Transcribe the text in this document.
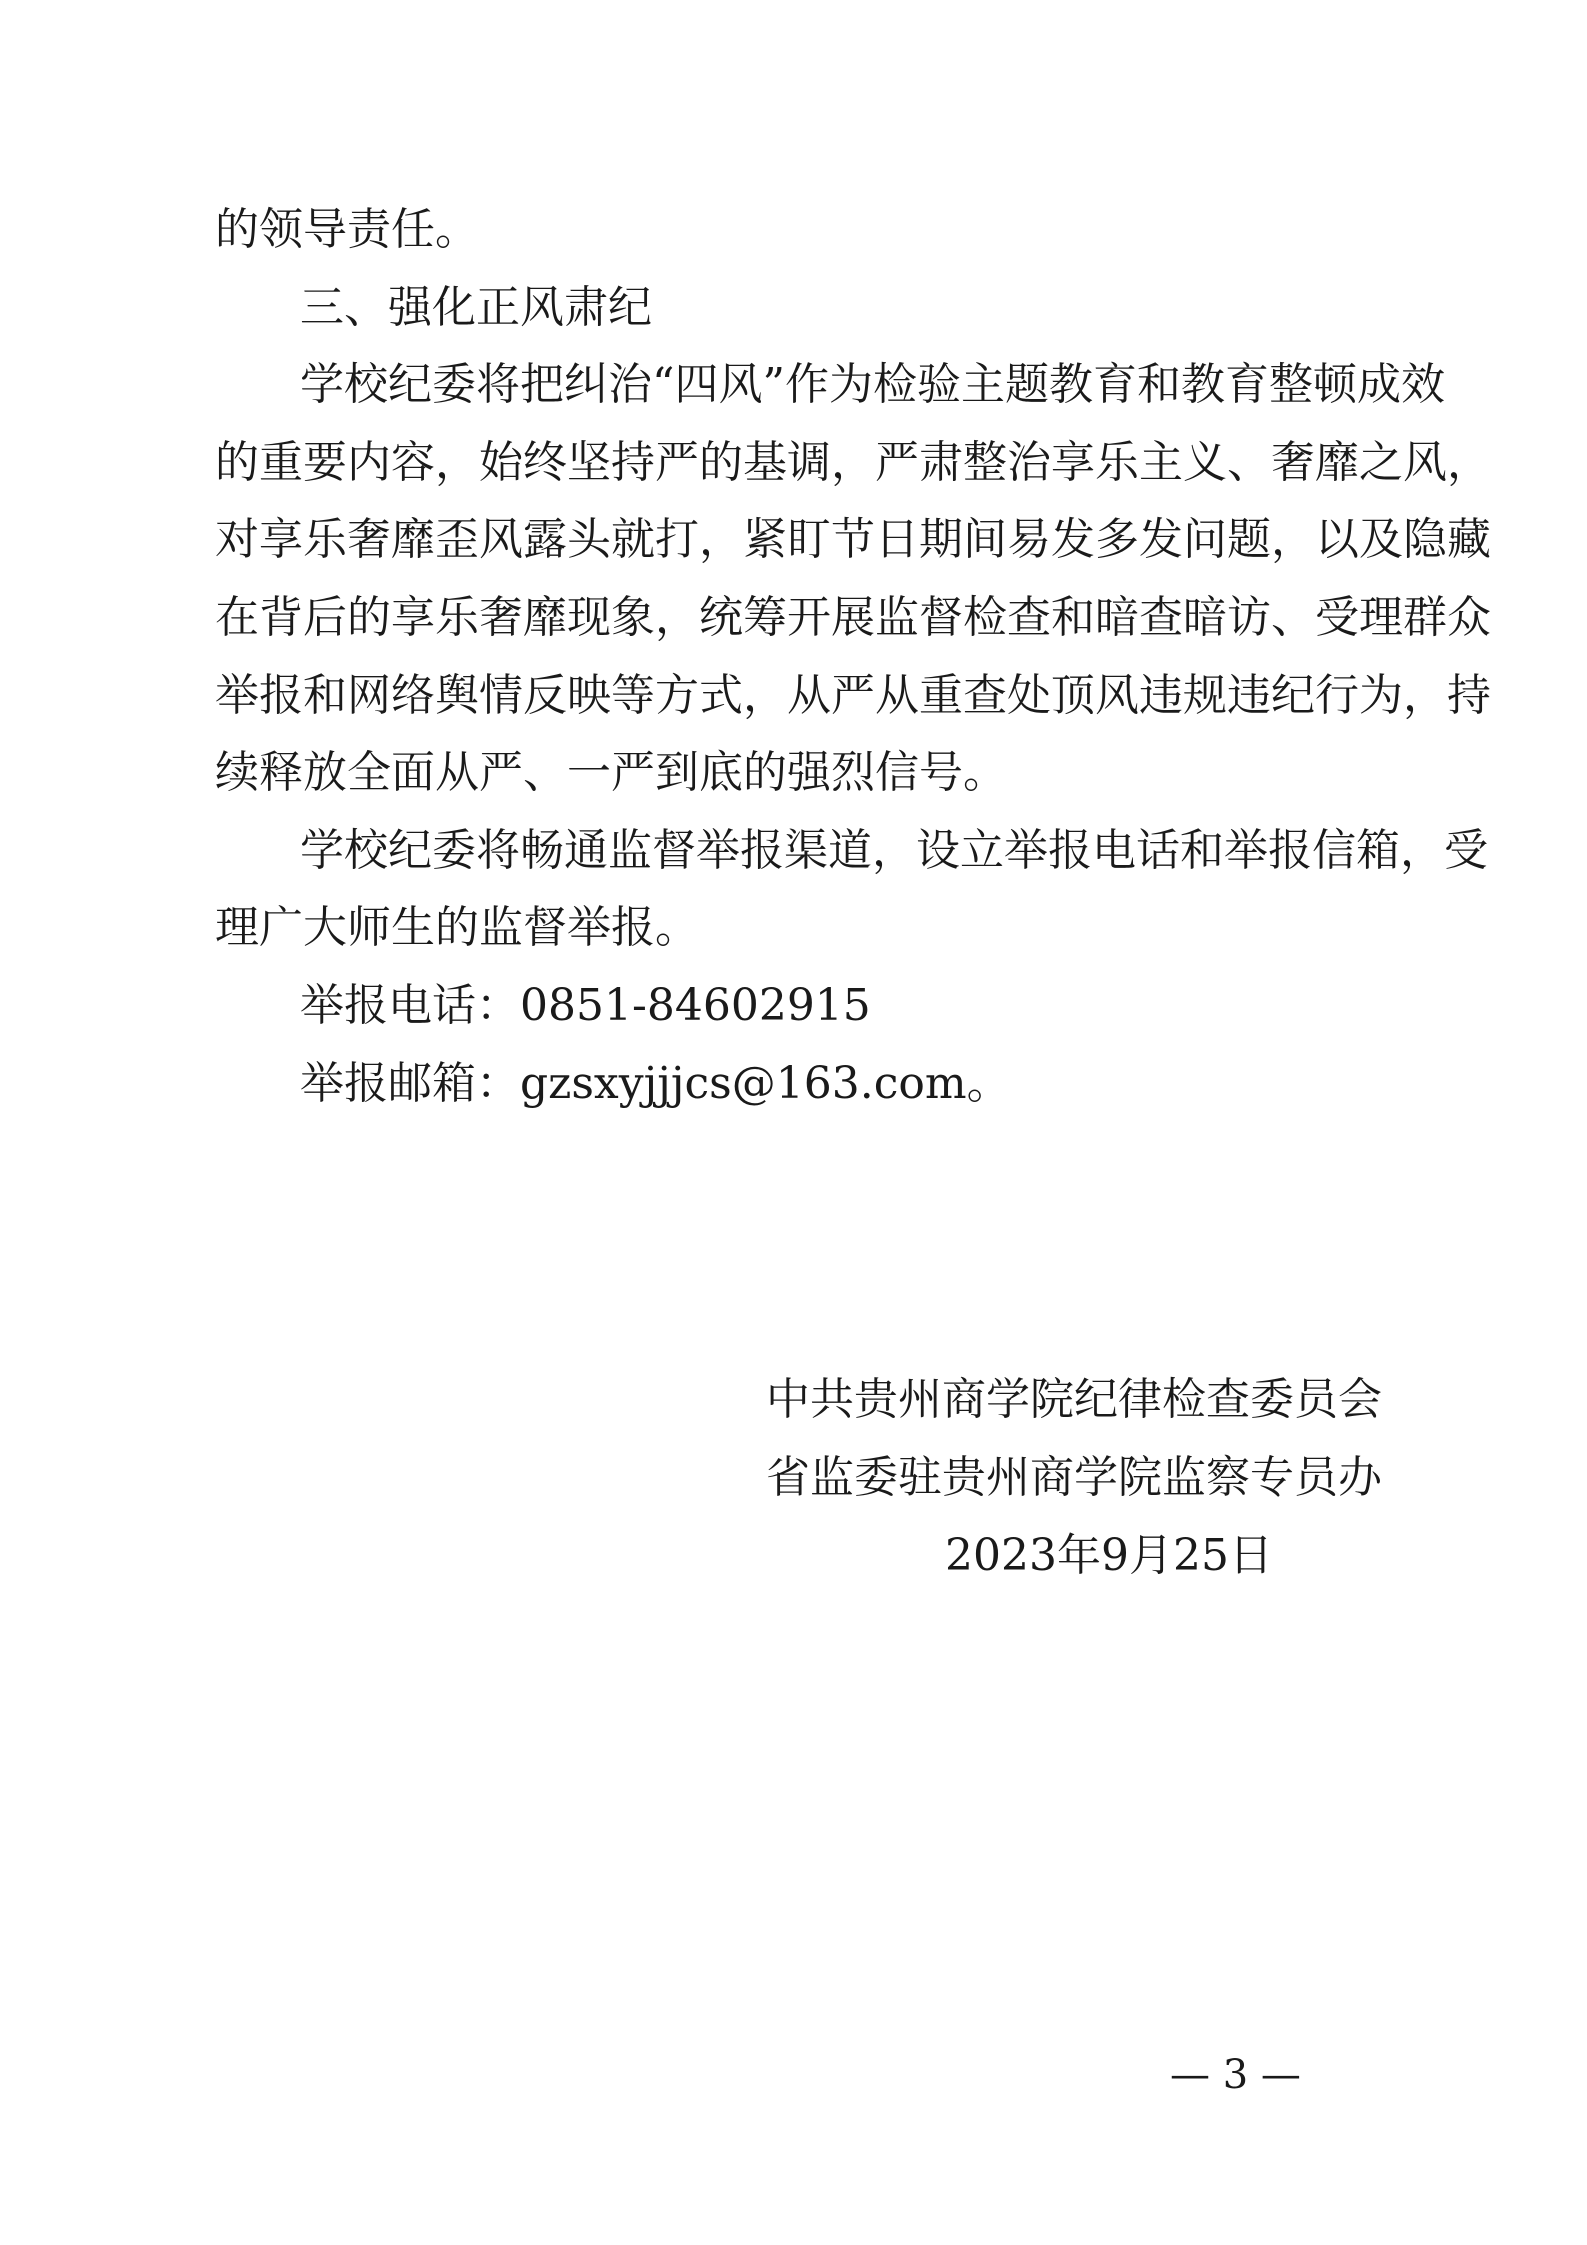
的领导责任。
三、强化正风肃纪
学校纪委将把纠治“四风”作为检验主题教育和教育整顿成效
的重要内容，始终坚持严的基调，严肃整治享乐主义、奢靡之风，
对享乐奢靡歪风露头就打，紧盯节日期间易发多发问题，以及隐藏
在背后的享乐奢靡现象，统筹开展监督检查和暗查暗访、受理群众
举报和网络舆情反映等方式，从严从重查处顶风违规违纪行为，持
续释放全面从严、一严到底的强烈信号。
学校纪委将畅通监督举报渠道，设立举报电话和举报信箱，受
理广大师生的监督举报。
举报电话：0851-84602915
举报邮箱：gzsxyjjjcs@163.com。
中共贵州商学院纪律检查委员会
省监委驻贵州商学院监察专员办
2023年9月25日
— 3 —
